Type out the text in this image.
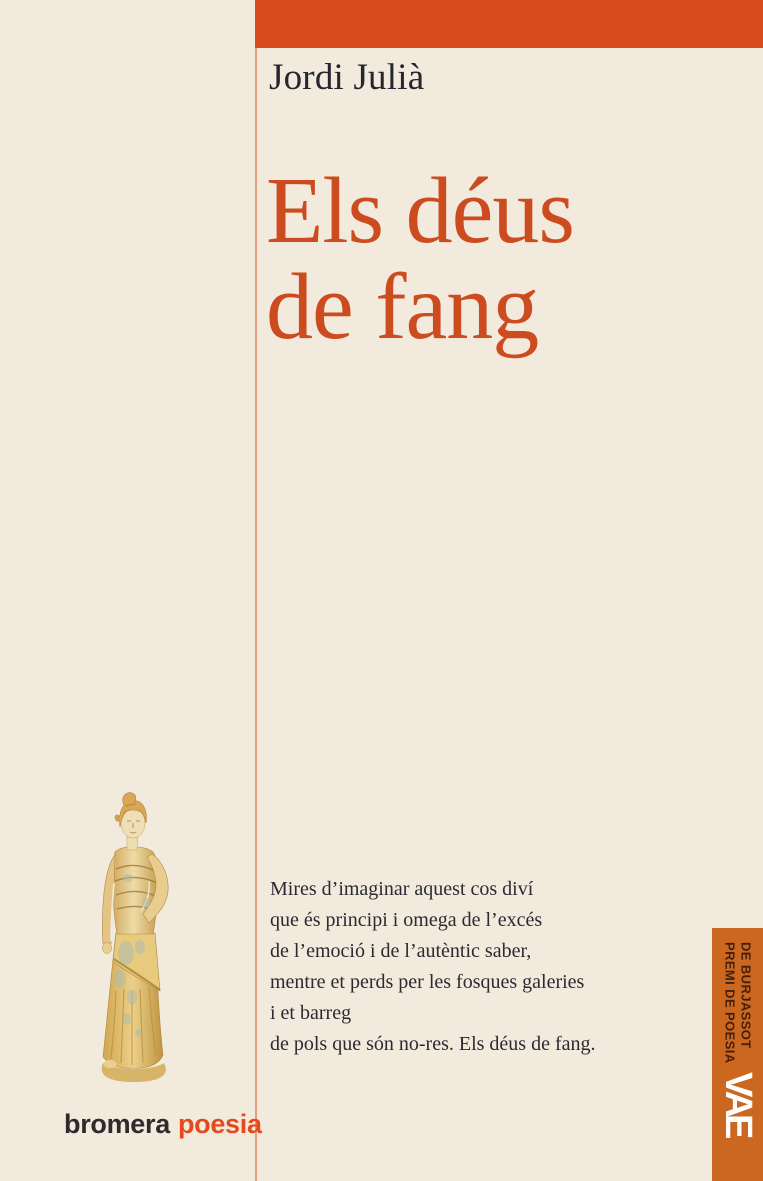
Jordi Julià
Els déus
de fang
Mires d’imaginar aquest cos diví
que és principi i omega de l’excés
de l’emoció i de l’autèntic saber,
mentre et perds per les fosques galeries
i et barreg
de pols que són no-res. Els déus de fang.
bromera poesia
PREMI DE POESIA DE BURJASSOT
VAE
